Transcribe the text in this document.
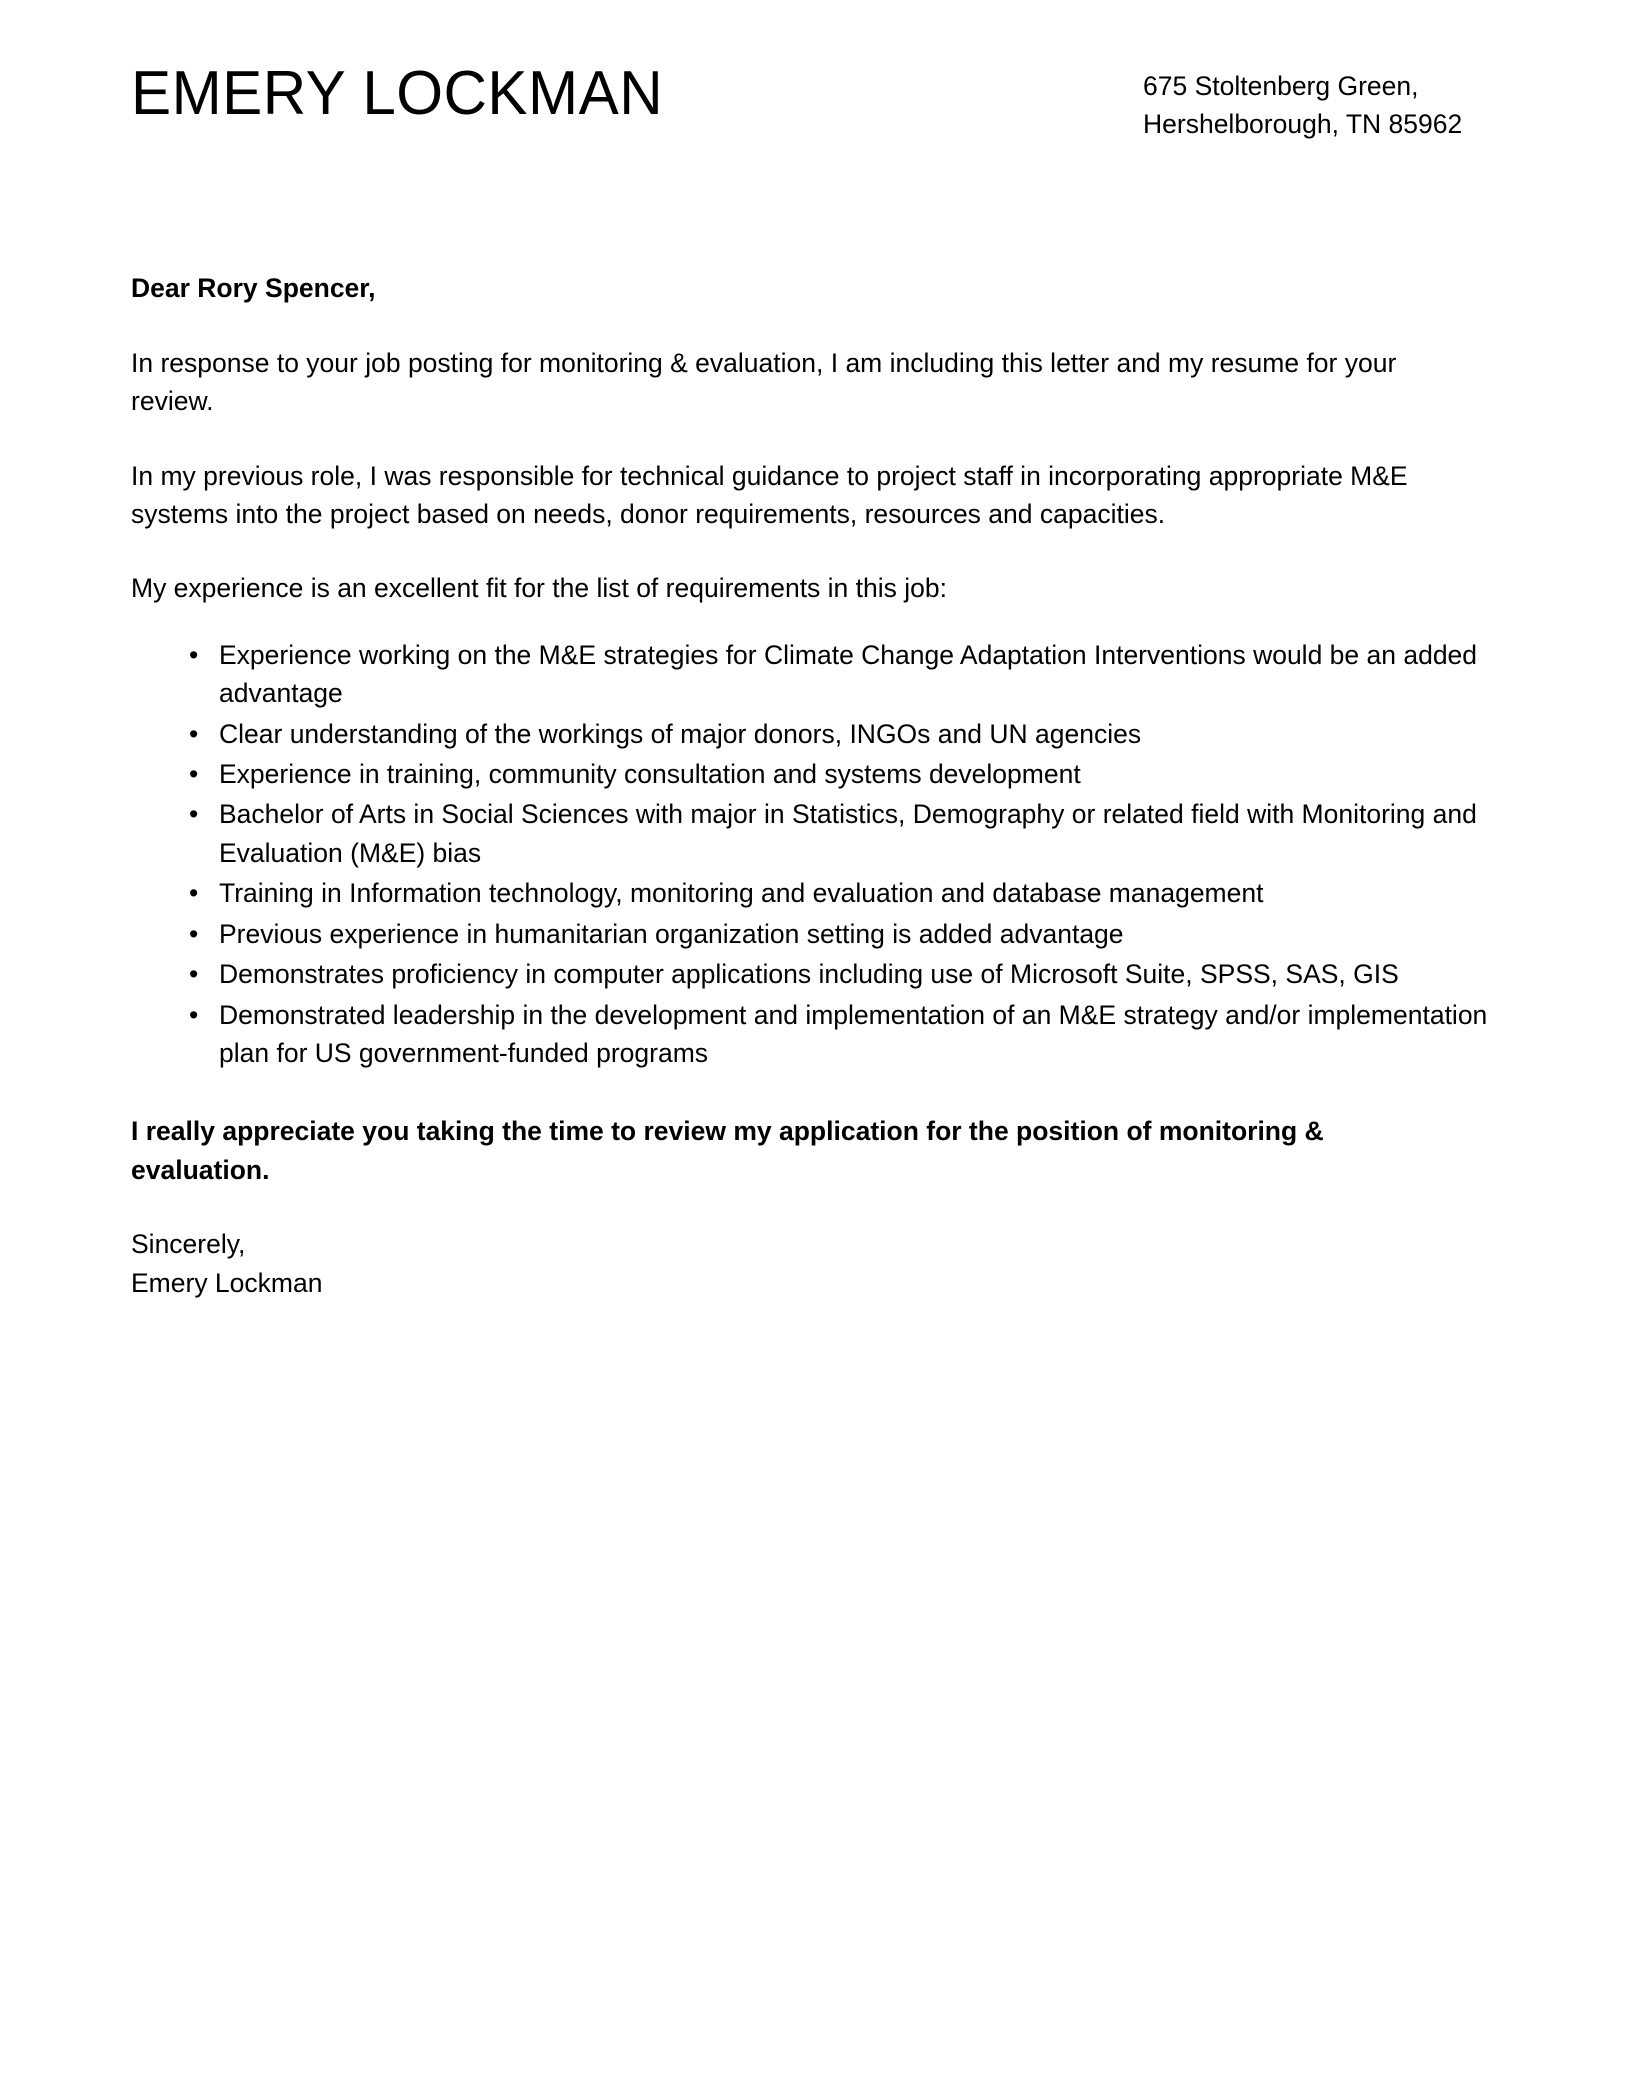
EMERY LOCKMAN	675 Stoltenberg Green,
Hershelborough, TN 85962

Dear Rory Spencer,

In response to your job posting for monitoring & evaluation, I am including this letter and my resume for your review.

In my previous role, I was responsible for technical guidance to project staff in incorporating appropriate M&E systems into the project based on needs, donor requirements, resources and capacities.

My experience is an excellent fit for the list of requirements in this job:

• Experience working on the M&E strategies for Climate Change Adaptation Interventions would be an added advantage
• Clear understanding of the workings of major donors, INGOs and UN agencies
• Experience in training, community consultation and systems development
• Bachelor of Arts in Social Sciences with major in Statistics, Demography or related field with Monitoring and Evaluation (M&E) bias
• Training in Information technology, monitoring and evaluation and database management
• Previous experience in humanitarian organization setting is added advantage
• Demonstrates proficiency in computer applications including use of Microsoft Suite, SPSS, SAS, GIS
• Demonstrated leadership in the development and implementation of an M&E strategy and/or implementation plan for US government-funded programs

I really appreciate you taking the time to review my application for the position of monitoring & evaluation.

Sincerely,
Emery Lockman
